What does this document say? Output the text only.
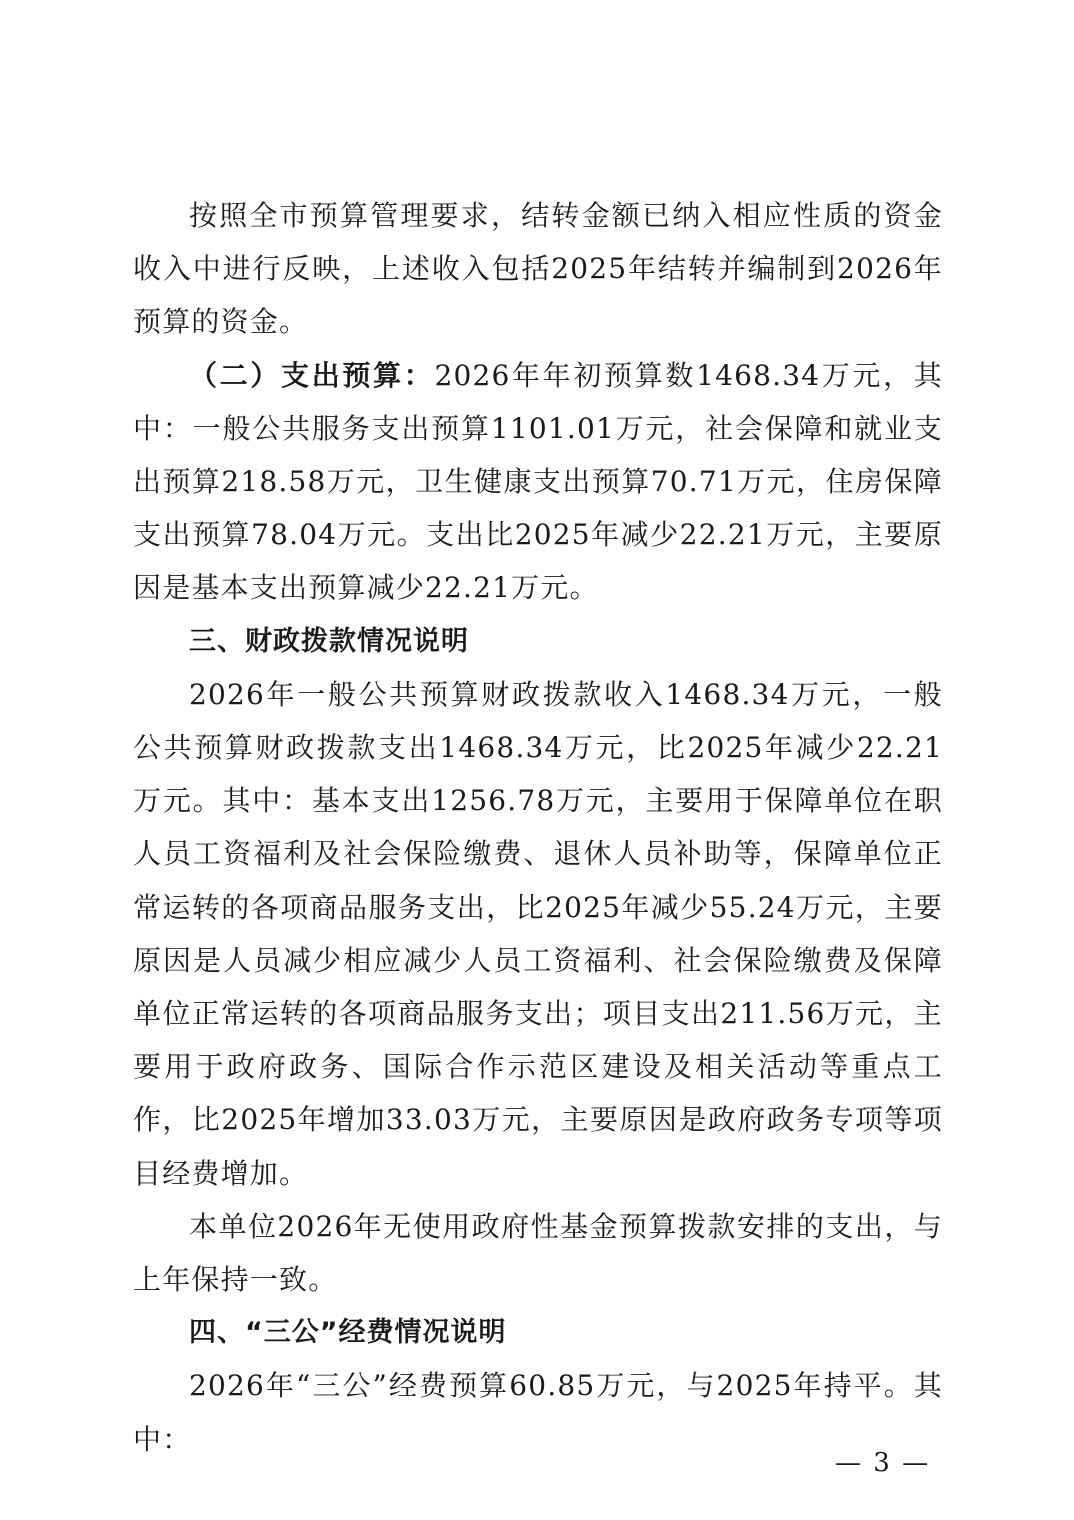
按照全市预算管理要求，结转金额已纳入相应性质的资金收入中进行反映，上述收入包括2025年结转并编制到2026年预算的资金。

（二）支出预算：2026年年初预算数1468.34万元，其中：一般公共服务支出预算1101.01万元，社会保障和就业支出预算218.58万元，卫生健康支出预算70.71万元，住房保障支出预算78.04万元。支出比2025年减少22.21万元，主要原因是基本支出预算减少22.21万元。

三、财政拨款情况说明

2026年一般公共预算财政拨款收入1468.34万元，一般公共预算财政拨款支出1468.34万元，比2025年减少22.21万元。其中：基本支出1256.78万元，主要用于保障单位在职人员工资福利及社会保险缴费、退休人员补助等，保障单位正常运转的各项商品服务支出，比2025年减少55.24万元，主要原因是人员减少相应减少人员工资福利、社会保险缴费及保障单位正常运转的各项商品服务支出；项目支出211.56万元，主要用于政府政务、国际合作示范区建设及相关活动等重点工作，比2025年增加33.03万元，主要原因是政府政务专项等项目经费增加。

本单位2026年无使用政府性基金预算拨款安排的支出，与上年保持一致。

四、“三公”经费情况说明

2026年“三公”经费预算60.85万元，与2025年持平。其中：

— 3 —
